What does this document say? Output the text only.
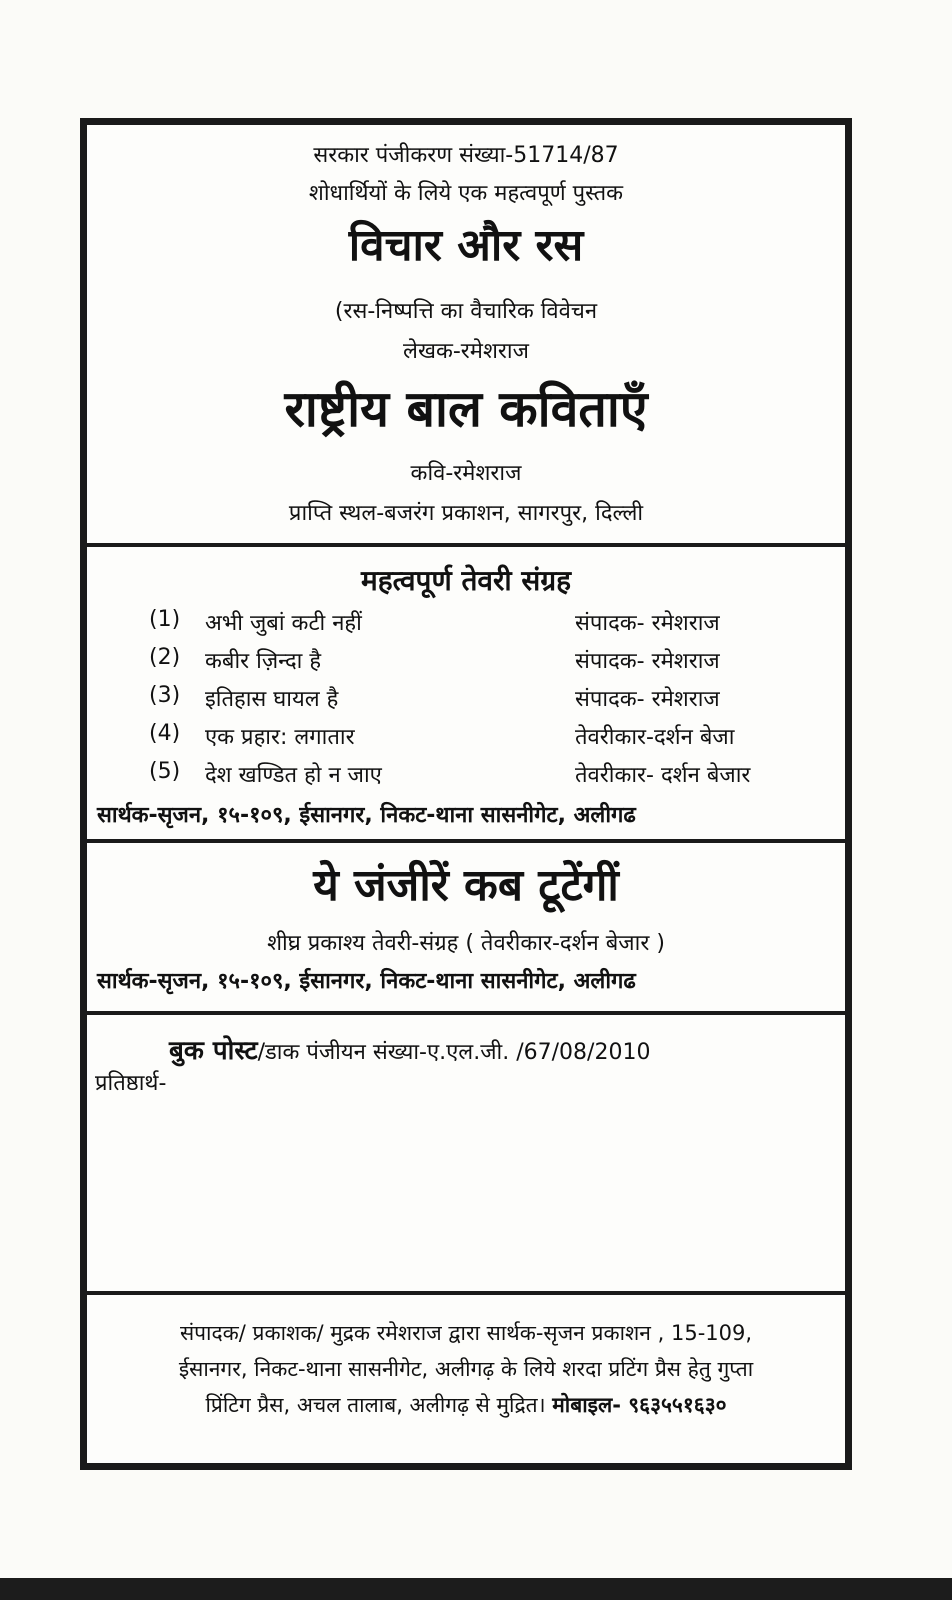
सरकार पंजीकरण संख्या-51714/87
शोधार्थियों के लिये एक महत्वपूर्ण पुस्तक
विचार और रस
(रस-निष्पत्ति का वैचारिक विवेचन
लेखक-रमेशराज
राष्ट्रीय बाल कविताएँ
कवि-रमेशराज
प्राप्ति स्थल-बजरंग प्रकाशन, सागरपुर, दिल्ली
महत्वपूर्ण तेवरी संग्रह
(1) अभी जुबां कटी नहीं	संपादक- रमेशराज
(2) कबीर ज़िन्दा है	संपादक- रमेशराज
(3) इतिहास घायल है	संपादक- रमेशराज
(4) एक प्रहार: लगातार	तेवरीकार-दर्शन बेजा
(5) देश खण्डित हो न जाए	तेवरीकार- दर्शन बेजार
सार्थक-सृजन, १५-१०९, ईसानगर, निकट-थाना सासनीगेट, अलीगढ
ये जंजीरें कब टूटेंगीं
शीघ्र प्रकाश्य तेवरी-संग्रह ( तेवरीकार-दर्शन बेजार )
सार्थक-सृजन, १५-१०९, ईसानगर, निकट-थाना सासनीगेट, अलीगढ
बुक पोस्ट/डाक पंजीयन संख्या-ए.एल.जी. /67/08/2010
प्रतिष्ठार्थ-
संपादक/ प्रकाशक/ मुद्रक रमेशराज द्वारा सार्थक-सृजन प्रकाशन , 15-109,
ईसानगर, निकट-थाना सासनीगेट, अलीगढ़ के लिये शरदा प्रटिंग प्रैस हेतु गुप्ता
प्रिंटिग प्रैस, अचल तालाब, अलीगढ़ से मुद्रित। मोबाइल- ९६३५५१६३०
